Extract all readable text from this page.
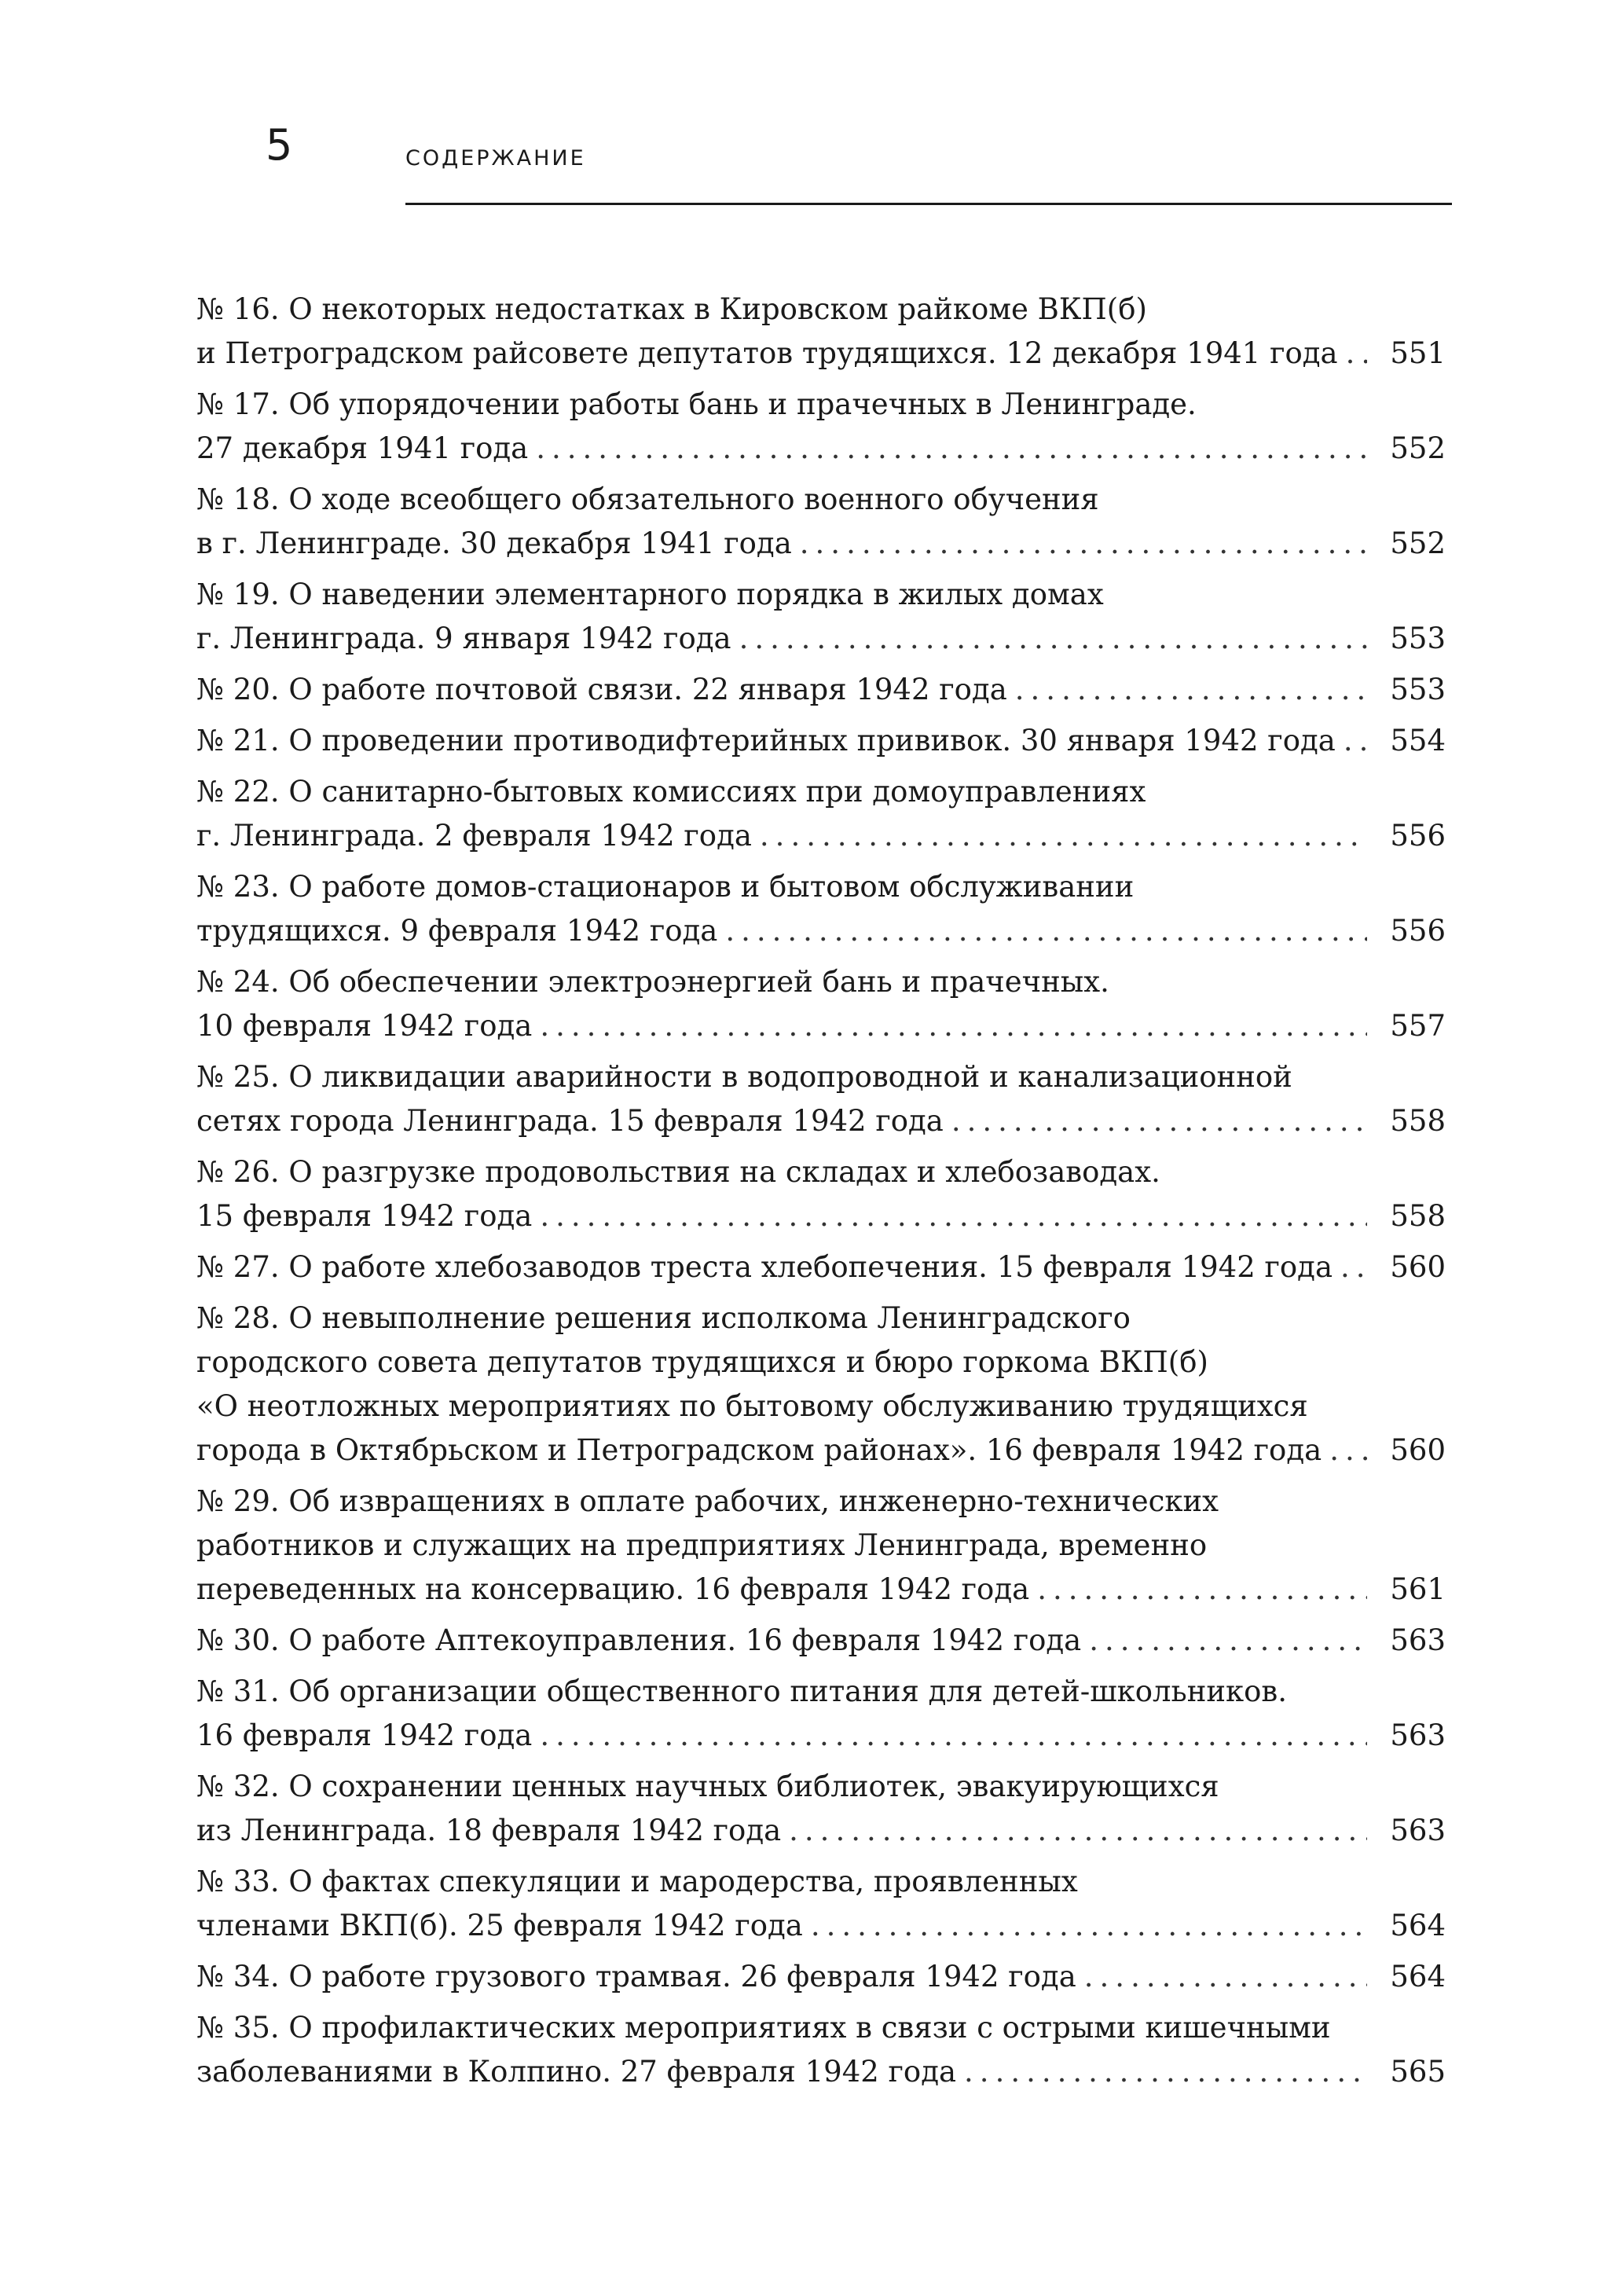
5	СОДЕРЖАНИЕ
№ 16. О некоторых недостатках в Кировском райкоме ВКП(б)
и Петроградском райсовете депутатов трудящихся. 12 декабря 1941 года .....	551
№ 17. Об упорядочении работы бань и прачечных в Ленинграде.
27 декабря 1941 года .....	552
№ 18. О ходе всеобщего обязательного военного обучения
в г. Ленинграде. 30 декабря 1941 года .....	552
№ 19. О наведении элементарного порядка в жилых домах
г. Ленинграда. 9 января 1942 года .....	553
№ 20. О работе почтовой связи. 22 января 1942 года .....	553
№ 21. О проведении противодифтерийных прививок. 30 января 1942 года .....	554
№ 22. О санитарно-бытовых комиссиях при домоуправлениях
г. Ленинграда. 2 февраля 1942 года .....	556
№ 23. О работе домов-стационаров и бытовом обслуживании
трудящихся. 9 февраля 1942 года .....	556
№ 24. Об обеспечении электроэнергией бань и прачечных.
10 февраля 1942 года .....	557
№ 25. О ликвидации аварийности в водопроводной и канализационной
сетях города Ленинграда. 15 февраля 1942 года .....	558
№ 26. О разгрузке продовольствия на складах и хлебозаводах.
15 февраля 1942 года .....	558
№ 27. О работе хлебозаводов треста хлебопечения. 15 февраля 1942 года .....	560
№ 28. О невыполнение решения исполкома Ленинградского
городского совета депутатов трудящихся и бюро горкома ВКП(б)
«О неотложных мероприятиях по бытовому обслуживанию трудящихся
города в Октябрьском и Петроградском районах». 16 февраля 1942 года .....	560
№ 29. Об извращениях в оплате рабочих, инженерно-технических
работников и служащих на предприятиях Ленинграда, временно
переведенных на консервацию. 16 февраля 1942 года .....	561
№ 30. О работе Аптекоуправления. 16 февраля 1942 года .....	563
№ 31. Об организации общественного питания для детей-школьников.
16 февраля 1942 года .....	563
№ 32. О сохранении ценных научных библиотек, эвакуирующихся
из Ленинграда. 18 февраля 1942 года .....	563
№ 33. О фактах спекуляции и мародерства, проявленных
членами ВКП(б). 25 февраля 1942 года .....	564
№ 34. О работе грузового трамвая. 26 февраля 1942 года .....	564
№ 35. О профилактических мероприятиях в связи с острыми кишечными
заболеваниями в Колпино. 27 февраля 1942 года .....	565
